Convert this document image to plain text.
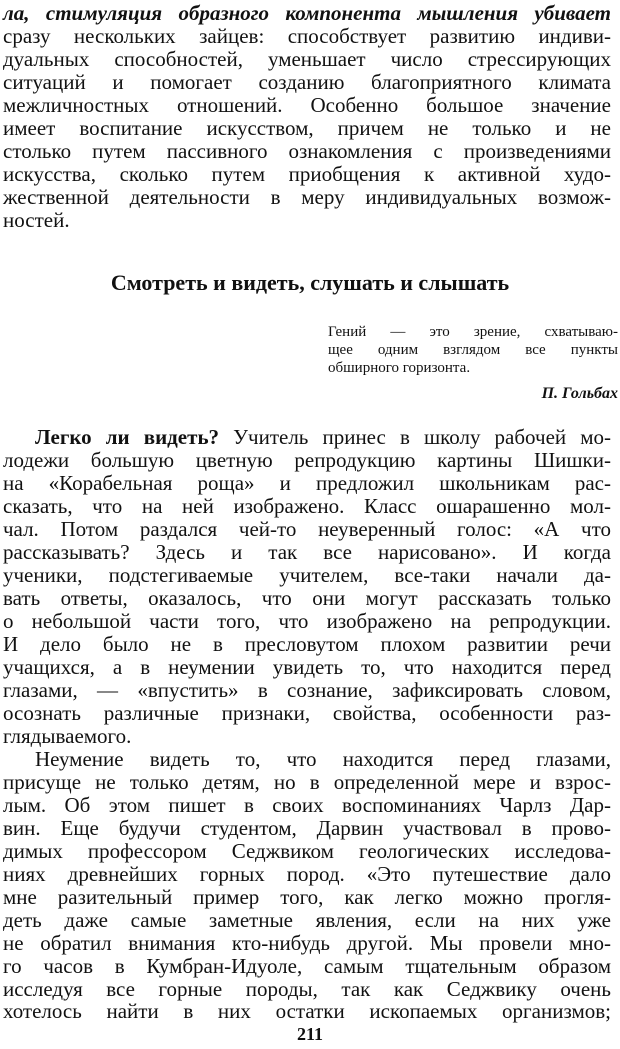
ла, стимуляция образного компонента мышления убивает

сразу нескольких зайцев: способствует развитию индиви-

дуальных способностей, уменьшает число стрессирующих

ситуаций и помогает созданию благоприятного климата

межличностных отношений. Особенно большое значение

имеет воспитание искусством, причем не только и не

столько путем пассивного ознакомления с произведениями

искусства, сколько путем приобщения к активной худо-

жественной деятельности в меру индивидуальных возмож-

ностей.

Смотреть и видеть, слушать и слышать

Гений — это зрение, схватываю-

щее одним взглядом все пункты

обширного горизонта.

П. Гольбах

Легко ли видеть? Учитель принес в школу рабочей мо-

лодежи большую цветную репродукцию картины Шишки-

на «Корабельная роща» и предложил школьникам рас-

сказать, что на ней изображено. Класс ошарашенно мол-

чал. Потом раздался чей-то неуверенный голос: «А что

рассказывать? Здесь и так все нарисовано». И когда

ученики, подстегиваемые учителем, все-таки начали да-

вать ответы, оказалось, что они могут рассказать только

о небольшой части того, что изображено на репродукции.

И дело было не в пресловутом плохом развитии речи

учащихся, а в неумении увидеть то, что находится перед

глазами, — «впустить» в сознание, зафиксировать словом,

осознать различные признаки, свойства, особенности раз-

глядываемого.

Неумение видеть то, что находится перед глазами,

присуще не только детям, но в определенной мере и взрос-

лым. Об этом пишет в своих воспоминаниях Чарлз Дар-

вин. Еще будучи студентом, Дарвин участвовал в прово-

димых профессором Седжвиком геологических исследова-

ниях древнейших горных пород. «Это путешествие дало

мне разительный пример того, как легко можно прогля-

деть даже самые заметные явления, если на них уже

не обратил внимания кто-нибудь другой. Мы провели мно-

го часов в Кумбран-Идуоле, самым тщательным образом

исследуя все горные породы, так как Седжвику очень

хотелось найти в них остатки ископаемых организмов;

211
